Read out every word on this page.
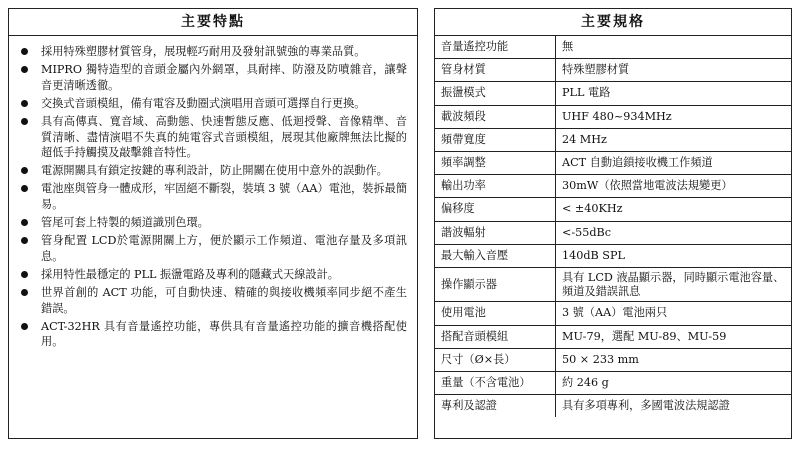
主要特點
採用特殊塑膠材質管身，展現輕巧耐用及發射訊號強的專業品質。
MIPRO 獨特造型的音頭金屬內外網罩，具耐摔、防潑及防噴雜音，讓聲音更清晰透徹。
交換式音頭模組，備有電容及動圈式演唱用音頭可選擇自行更換。
具有高傳真、寬音域、高動態、快速暫態反應、低迴授聲、音像精準、音質清晰、盡情演唱不失真的純電容式音頭模組，展現其他廠牌無法比擬的超低手持觸摸及敲擊雜音特性。
電源開關具有鎖定按鍵的專利設計，防止開關在使用中意外的誤動作。
電池座與管身一體成形，牢固絕不斷裂，裝填 3 號（AA）電池，裝拆最簡易。
管尾可套上特製的頻道識別色環。
管身配置 LCD於電源開關上方，便於顯示工作頻道、電池存量及多項訊息。
採用特性最穩定的 PLL 振盪電路及專利的隱藏式天線設計。
世界首創的 ACT 功能，可自動快速、精確的與接收機頻率同步絕不產生錯誤。
ACT-32HR 具有音量遙控功能，專供具有音量遙控功能的擴音機搭配使用。
主要規格
音量遙控功能	無
管身材質	特殊塑膠材質
振盪模式	PLL 電路
載波頻段	UHF 480~934MHz
頻帶寬度	24 MHz
頻率調整	ACT 自動追鎖接收機工作頻道
輸出功率	30mW（依照當地電波法規變更）
偏移度	< ±40KHz
諧波輻射	<-55dBc
最大輸入音壓	140dB SPL
操作顯示器	具有 LCD 液晶顯示器，同時顯示電池容量、頻道及錯誤訊息
使用電池	3 號（AA）電池兩只
搭配音頭模組	MU-79，選配 MU-89、MU-59
尺寸（Ø×長）	50 × 233 mm
重量（不含電池）	約 246 g
專利及認證	具有多項專利，多國電波法規認證
